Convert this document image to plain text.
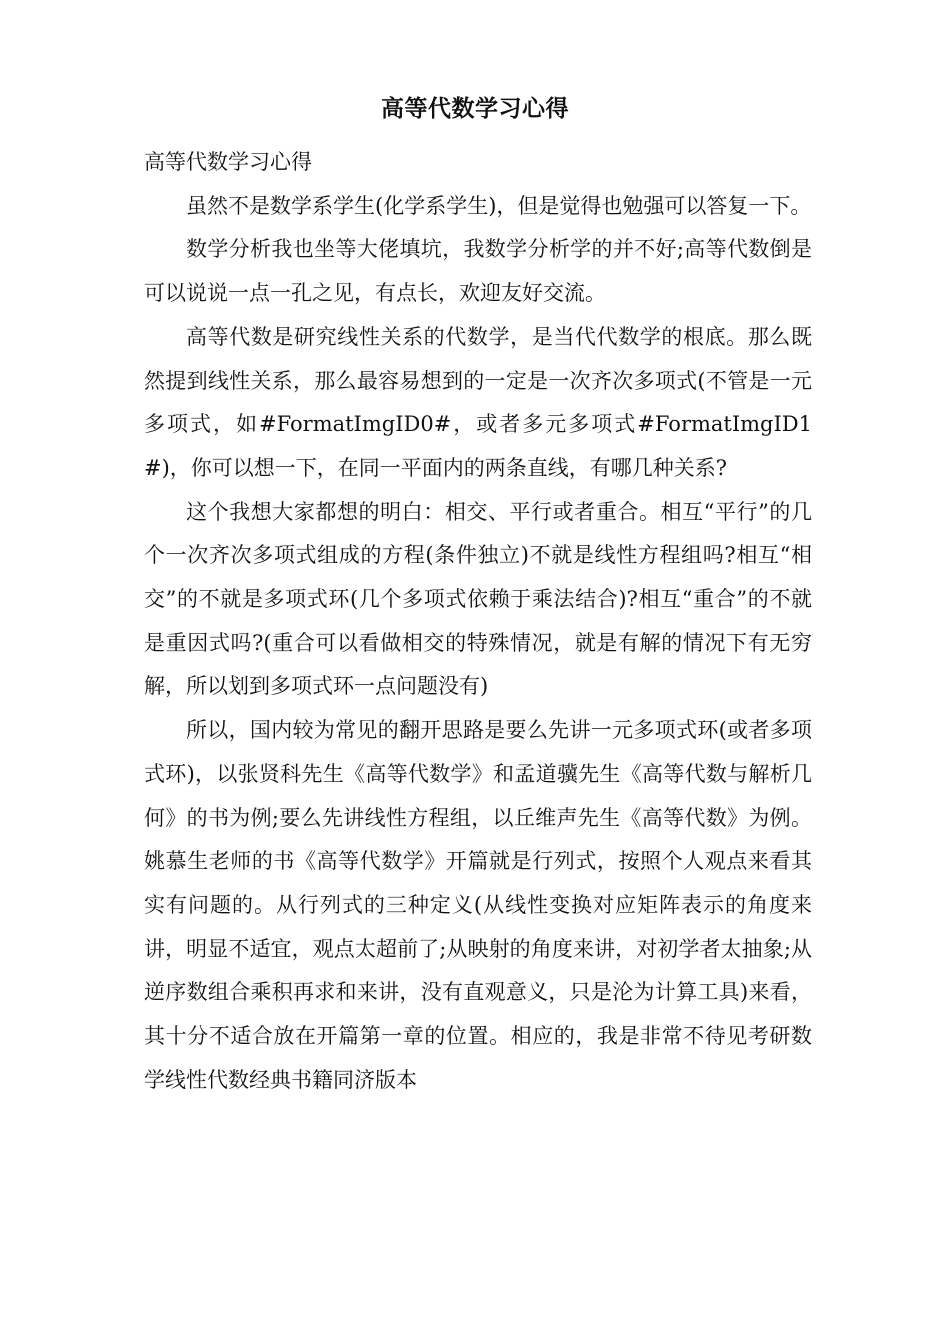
高等代数学习心得

高等代数学习心得

虽然不是数学系学生(化学系学生)，但是觉得也勉强可以答复一下。

数学分析我也坐等大佬填坑，我数学分析学的并不好;高等代数倒是可以说说一点一孔之见，有点长，欢迎友好交流。

高等代数是研究线性关系的代数学，是当代代数学的根底。那么既然提到线性关系，那么最容易想到的一定是一次齐次多项式(不管是一元多项式，如#FormatImgID0#，或者多元多项式#FormatImgID1#)，你可以想一下，在同一平面内的两条直线，有哪几种关系?

这个我想大家都想的明白：相交、平行或者重合。相互“平行”的几个一次齐次多项式组成的方程(条件独立)不就是线性方程组吗?相互“相交”的不就是多项式环(几个多项式依赖于乘法结合)?相互“重合”的不就是重因式吗?(重合可以看做相交的特殊情况，就是有解的情况下有无穷解，所以划到多项式环一点问题没有)

所以，国内较为常见的翻开思路是要么先讲一元多项式环(或者多项式环)，以张贤科先生《高等代数学》和孟道骥先生《高等代数与解析几何》的书为例;要么先讲线性方程组，以丘维声先生《高等代数》为例。姚慕生老师的书《高等代数学》开篇就是行列式，按照个人观点来看其实有问题的。从行列式的三种定义(从线性变换对应矩阵表示的角度来讲，明显不适宜，观点太超前了;从映射的角度来讲，对初学者太抽象;从逆序数组合乘积再求和来讲，没有直观意义，只是沦为计算工具)来看，其十分不适合放在开篇第一章的位置。相应的，我是非常不待见考研数学线性代数经典书籍同济版本
